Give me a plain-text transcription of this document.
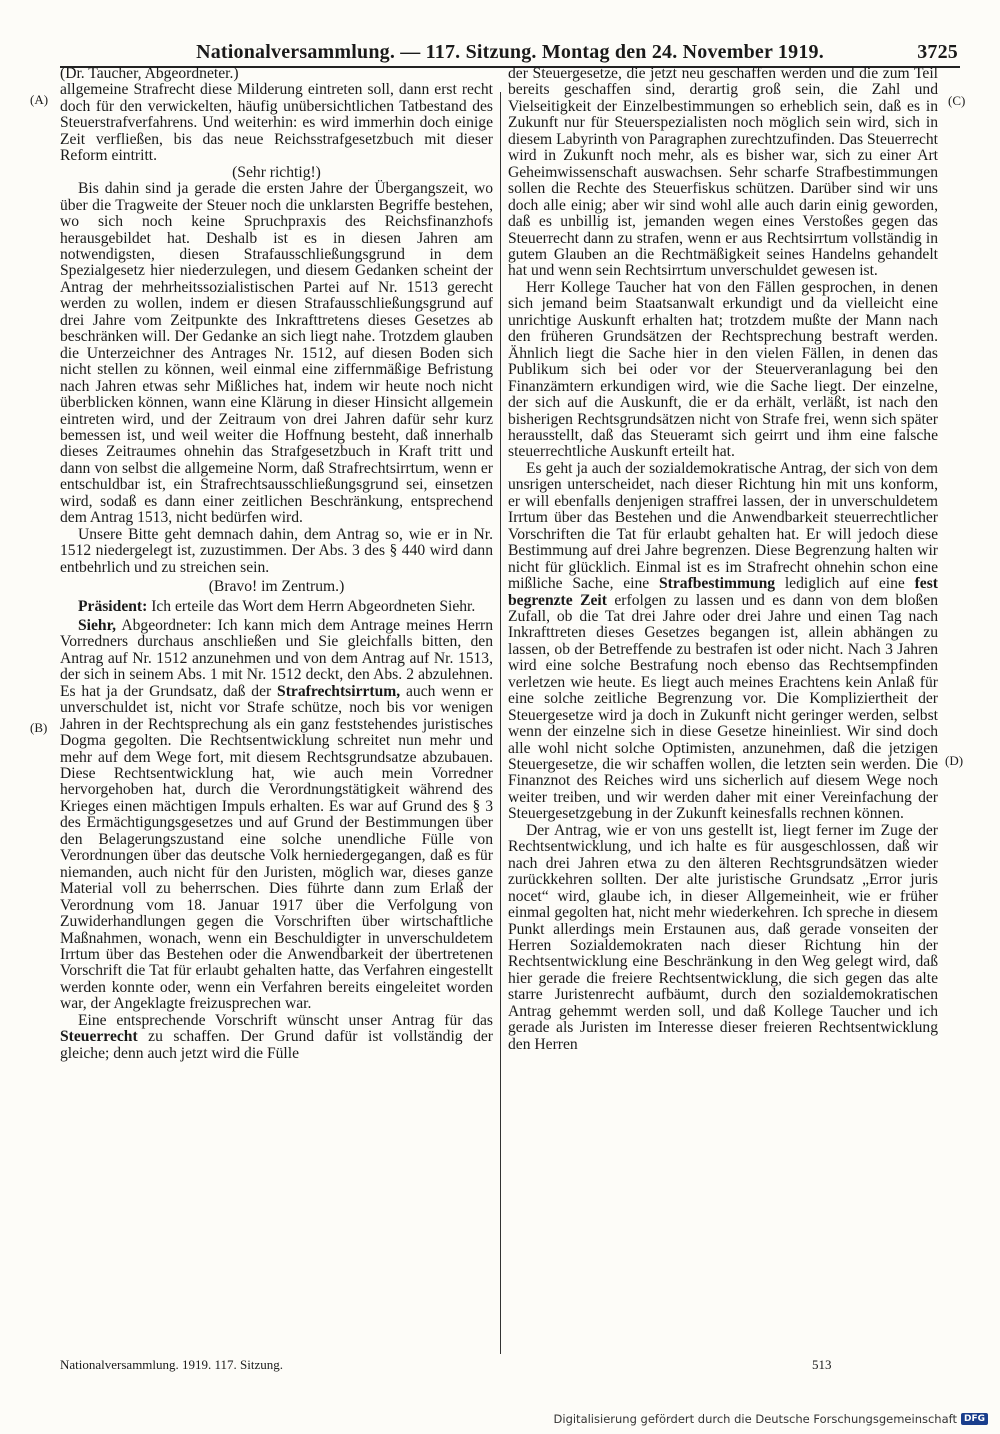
Nationalversammlung. — 117. Sitzung. Montag den 24. November 1919.	3725
(A)
(B)
(C)
(D)

(Dr. Taucher, Abgeordneter.)

allgemeine Strafrecht diese Milderung eintreten soll, dann erst recht doch für den verwickelten, häufig unübersichtlichen Tatbestand des Steuerstrafverfahrens. Und weiterhin: es wird immerhin doch einige Zeit verfließen, bis das neue Reichsstrafgesetzbuch mit dieser Reform eintritt.

(Sehr richtig!)

Bis dahin sind ja gerade die ersten Jahre der Übergangszeit, wo über die Tragweite der Steuer noch die unklarsten Begriffe bestehen, wo sich noch keine Spruchpraxis des Reichsfinanzhofs herausgebildet hat. Deshalb ist es in diesen Jahren am notwendigsten, diesen Strafausschließungsgrund in dem Spezialgesetz hier niederzulegen, und diesem Gedanken scheint der Antrag der mehrheitssozialistischen Partei auf Nr. 1513 gerecht werden zu wollen, indem er diesen Strafausschließungsgrund auf drei Jahre vom Zeitpunkte des Inkrafttretens dieses Gesetzes ab beschränken will. Der Gedanke an sich liegt nahe. Trotzdem glauben die Unterzeichner des Antrages Nr. 1512, auf diesen Boden sich nicht stellen zu können, weil einmal eine ziffernmäßige Befristung nach Jahren etwas sehr Mißliches hat, indem wir heute noch nicht überblicken können, wann eine Klärung in dieser Hinsicht allgemein eintreten wird, und der Zeitraum von drei Jahren dafür sehr kurz bemessen ist, und weil weiter die Hoffnung besteht, daß innerhalb dieses Zeitraumes ohnehin das Strafgesetzbuch in Kraft tritt und dann von selbst die allgemeine Norm, daß Strafrechtsirrtum, wenn er entschuldbar ist, ein Strafrechtsausschließungsgrund sei, einsetzen wird, sodaß es dann einer zeitlichen Beschränkung, entsprechend dem Antrag 1513, nicht bedürfen wird.

Unsere Bitte geht demnach dahin, dem Antrag so, wie er in Nr. 1512 niedergelegt ist, zuzustimmen. Der Abs. 3 des § 440 wird dann entbehrlich und zu streichen sein.

(Bravo! im Zentrum.)

Präsident: Ich erteile das Wort dem Herrn Abgeordneten Siehr.

Siehr, Abgeordneter: Ich kann mich dem Antrage meines Herrn Vorredners durchaus anschließen und Sie gleichfalls bitten, den Antrag auf Nr. 1512 anzunehmen und von dem Antrag auf Nr. 1513, der sich in seinem Abs. 1 mit Nr. 1512 deckt, den Abs. 2 abzulehnen. Es hat ja der Grundsatz, daß der Strafrechtsirrtum, auch wenn er unverschuldet ist, nicht vor Strafe schütze, noch bis vor wenigen Jahren in der Rechtsprechung als ein ganz feststehendes juristisches Dogma gegolten. Die Rechtsentwicklung schreitet nun mehr und mehr auf dem Wege fort, mit diesem Rechtsgrundsatze abzubauen. Diese Rechtsentwicklung hat, wie auch mein Vorredner hervorgehoben hat, durch die Verordnungstätigkeit während des Krieges einen mächtigen Impuls erhalten. Es war auf Grund des § 3 des Ermächtigungsgesetzes und auf Grund der Bestimmungen über den Belagerungszustand eine solche unendliche Fülle von Verordnungen über das deutsche Volk herniedergegangen, daß es für niemanden, auch nicht für den Juristen, möglich war, dieses ganze Material voll zu beherrschen. Dies führte dann zum Erlaß der Verordnung vom 18. Januar 1917 über die Verfolgung von Zuwiderhandlungen gegen die Vorschriften über wirtschaftliche Maßnahmen, wonach, wenn ein Beschuldigter in unverschuldetem Irrtum über das Bestehen oder die Anwendbarkeit der übertretenen Vorschrift die Tat für erlaubt gehalten hatte, das Verfahren eingestellt werden konnte oder, wenn ein Verfahren bereits eingeleitet worden war, der Angeklagte freizusprechen war.

Eine entsprechende Vorschrift wünscht unser Antrag für das Steuerrecht zu schaffen. Der Grund dafür ist vollständig der gleiche; denn auch jetzt wird die Fülle

der Steuergesetze, die jetzt neu geschaffen werden und die zum Teil bereits geschaffen sind, derartig groß sein, die Zahl und Vielseitigkeit der Einzelbestimmungen so erheblich sein, daß es in Zukunft nur für Steuerspezialisten noch möglich sein wird, sich in diesem Labyrinth von Paragraphen zurechtzufinden. Das Steuerrecht wird in Zukunft noch mehr, als es bisher war, sich zu einer Art Geheimwissenschaft auswachsen. Sehr scharfe Strafbestimmungen sollen die Rechte des Steuerfiskus schützen. Darüber sind wir uns doch alle einig; aber wir sind wohl alle auch darin einig geworden, daß es unbillig ist, jemanden wegen eines Verstoßes gegen das Steuerrecht dann zu strafen, wenn er aus Rechtsirrtum vollständig in gutem Glauben an die Rechtmäßigkeit seines Handelns gehandelt hat und wenn sein Rechtsirrtum unverschuldet gewesen ist.

Herr Kollege Taucher hat von den Fällen gesprochen, in denen sich jemand beim Staatsanwalt erkundigt und da vielleicht eine unrichtige Auskunft erhalten hat; trotzdem mußte der Mann nach den früheren Grundsätzen der Rechtsprechung bestraft werden. Ähnlich liegt die Sache hier in den vielen Fällen, in denen das Publikum sich bei oder vor der Steuerveranlagung bei den Finanzämtern erkundigen wird, wie die Sache liegt. Der einzelne, der sich auf die Auskunft, die er da erhält, verläßt, ist nach den bisherigen Rechtsgrundsätzen nicht von Strafe frei, wenn sich später herausstellt, daß das Steueramt sich geirrt und ihm eine falsche steuerrechtliche Auskunft erteilt hat.

Es geht ja auch der sozialdemokratische Antrag, der sich von dem unsrigen unterscheidet, nach dieser Richtung hin mit uns konform, er will ebenfalls denjenigen straffrei lassen, der in unverschuldetem Irrtum über das Bestehen und die Anwendbarkeit steuerrechtlicher Vorschriften die Tat für erlaubt gehalten hat. Er will jedoch diese Bestimmung auf drei Jahre begrenzen. Diese Begrenzung halten wir nicht für glücklich. Einmal ist es im Strafrecht ohnehin schon eine mißliche Sache, eine Strafbestimmung lediglich auf eine fest begrenzte Zeit erfolgen zu lassen und es dann von dem bloßen Zufall, ob die Tat drei Jahre oder drei Jahre und einen Tag nach Inkrafttreten dieses Gesetzes begangen ist, allein abhängen zu lassen, ob der Betreffende zu bestrafen ist oder nicht. Nach 3 Jahren wird eine solche Bestrafung noch ebenso das Rechtsempfinden verletzen wie heute. Es liegt auch meines Erachtens kein Anlaß für eine solche zeitliche Begrenzung vor. Die Kompliziertheit der Steuergesetze wird ja doch in Zukunft nicht geringer werden, selbst wenn der einzelne sich in diese Gesetze hineinliest. Wir sind doch alle wohl nicht solche Optimisten, anzunehmen, daß die jetzigen Steuergesetze, die wir schaffen wollen, die letzten sein werden. Die Finanznot des Reiches wird uns sicherlich auf diesem Wege noch weiter treiben, und wir werden daher mit einer Vereinfachung der Steuergesetzgebung in der Zukunft keinesfalls rechnen können.

Der Antrag, wie er von uns gestellt ist, liegt ferner im Zuge der Rechtsentwicklung, und ich halte es für ausgeschlossen, daß wir nach drei Jahren etwa zu den älteren Rechtsgrundsätzen wieder zurückkehren sollten. Der alte juristische Grundsatz „Error juris nocet“ wird, glaube ich, in dieser Allgemeinheit, wie er früher einmal gegolten hat, nicht mehr wiederkehren. Ich spreche in diesem Punkt allerdings mein Erstaunen aus, daß gerade vonseiten der Herren Sozialdemokraten nach dieser Richtung hin der Rechtsentwicklung eine Beschränkung in den Weg gelegt wird, daß hier gerade die freiere Rechtsentwicklung, die sich gegen das alte starre Juristenrecht aufbäumt, durch den sozialdemokratischen Antrag gehemmt werden soll, und daß Kollege Taucher und ich gerade als Juristen im Interesse dieser freieren Rechtsentwicklung den Herren

Nationalversammlung. 1919. 117. Sitzung.	513
Digitalisierung gefördert durch die Deutsche Forschungsgemeinschaft DFG
